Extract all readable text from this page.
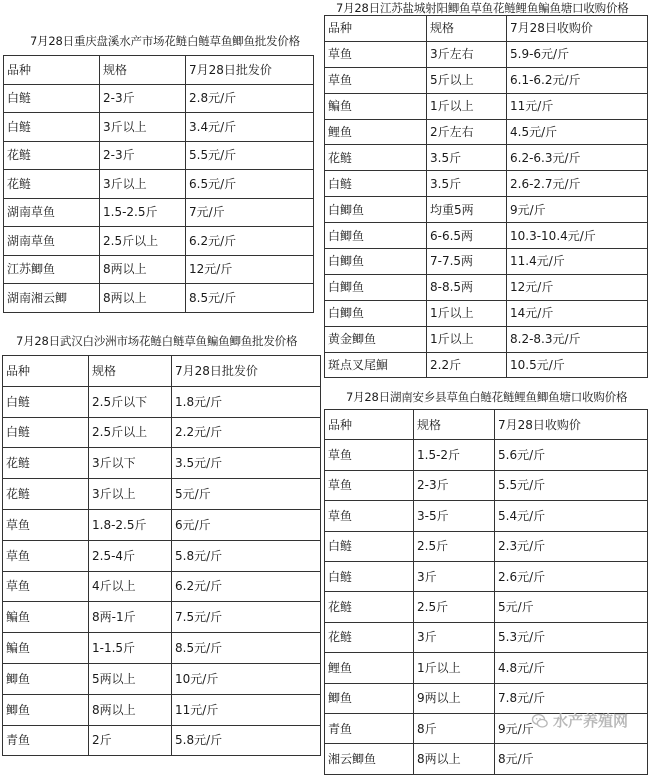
7月28日重庆盘溪水产市场花鲢白鲢草鱼鲫鱼批发价格
品种	规格	7月28日批发价
白鲢	2-3斤	2.8元/斤
白鲢	3斤以上	3.4元/斤
花鲢	2-3斤	5.5元/斤
花鲢	3斤以上	6.5元/斤
湖南草鱼	1.5-2.5斤	7元/斤
湖南草鱼	2.5斤以上	6.2元/斤
江苏鲫鱼	8两以上	12元/斤
湖南湘云鲫	8两以上	8.5元/斤
7月28日武汉白沙洲市场花鲢白鲢草鱼鳊鱼鲫鱼批发价格
品种	规格	7月28日批发价
白鲢	2.5斤以下	1.8元/斤
白鲢	2.5斤以上	2.2元/斤
花鲢	3斤以下	3.5元/斤
花鲢	3斤以上	5元/斤
草鱼	1.8-2.5斤	6元/斤
草鱼	2.5-4斤	5.8元/斤
草鱼	4斤以上	6.2元/斤
鳊鱼	8两-1斤	7.5元/斤
鳊鱼	1-1.5斤	8.5元/斤
鲫鱼	5两以上	10元/斤
鲫鱼	8两以上	11元/斤
青鱼	2斤	5.8元/斤
7月28日江苏盐城射阳鲫鱼草鱼花鲢鲤鱼鳊鱼塘口收购价格
品种	规格	7月28日收购价
草鱼	3斤左右	5.9-6元/斤
草鱼	5斤以上	6.1-6.2元/斤
鳊鱼	1斤以上	11元/斤
鲤鱼	2斤左右	4.5元/斤
花鲢	3.5斤	6.2-6.3元/斤
白鲢	3.5斤	2.6-2.7元/斤
白鲫鱼	均重5两	9元/斤
白鲫鱼	6-6.5两	10.3-10.4元/斤
白鲫鱼	7-7.5两	11.4元/斤
白鲫鱼	8-8.5两	12元/斤
白鲫鱼	1斤以上	14元/斤
黄金鲫鱼	1斤以上	8.2-8.3元/斤
斑点叉尾鮰	2.2斤	10.5元/斤
7月28日湖南安乡县草鱼白鲢花鲢鲤鱼鲫鱼塘口收购价格
品种	规格	7月28日收购价
草鱼	1.5-2斤	5.6元/斤
草鱼	2-3斤	5.5元/斤
草鱼	3-5斤	5.4元/斤
白鲢	2.5斤	2.3元/斤
白鲢	3斤	2.6元/斤
花鲢	2.5斤	5元/斤
花鲢	3斤	5.3元/斤
鲤鱼	1斤以上	4.8元/斤
鲫鱼	9两以上	7.8元/斤
青鱼	8斤	9元/斤
湘云鲫鱼	8两以上	8元/斤
水产养殖网
